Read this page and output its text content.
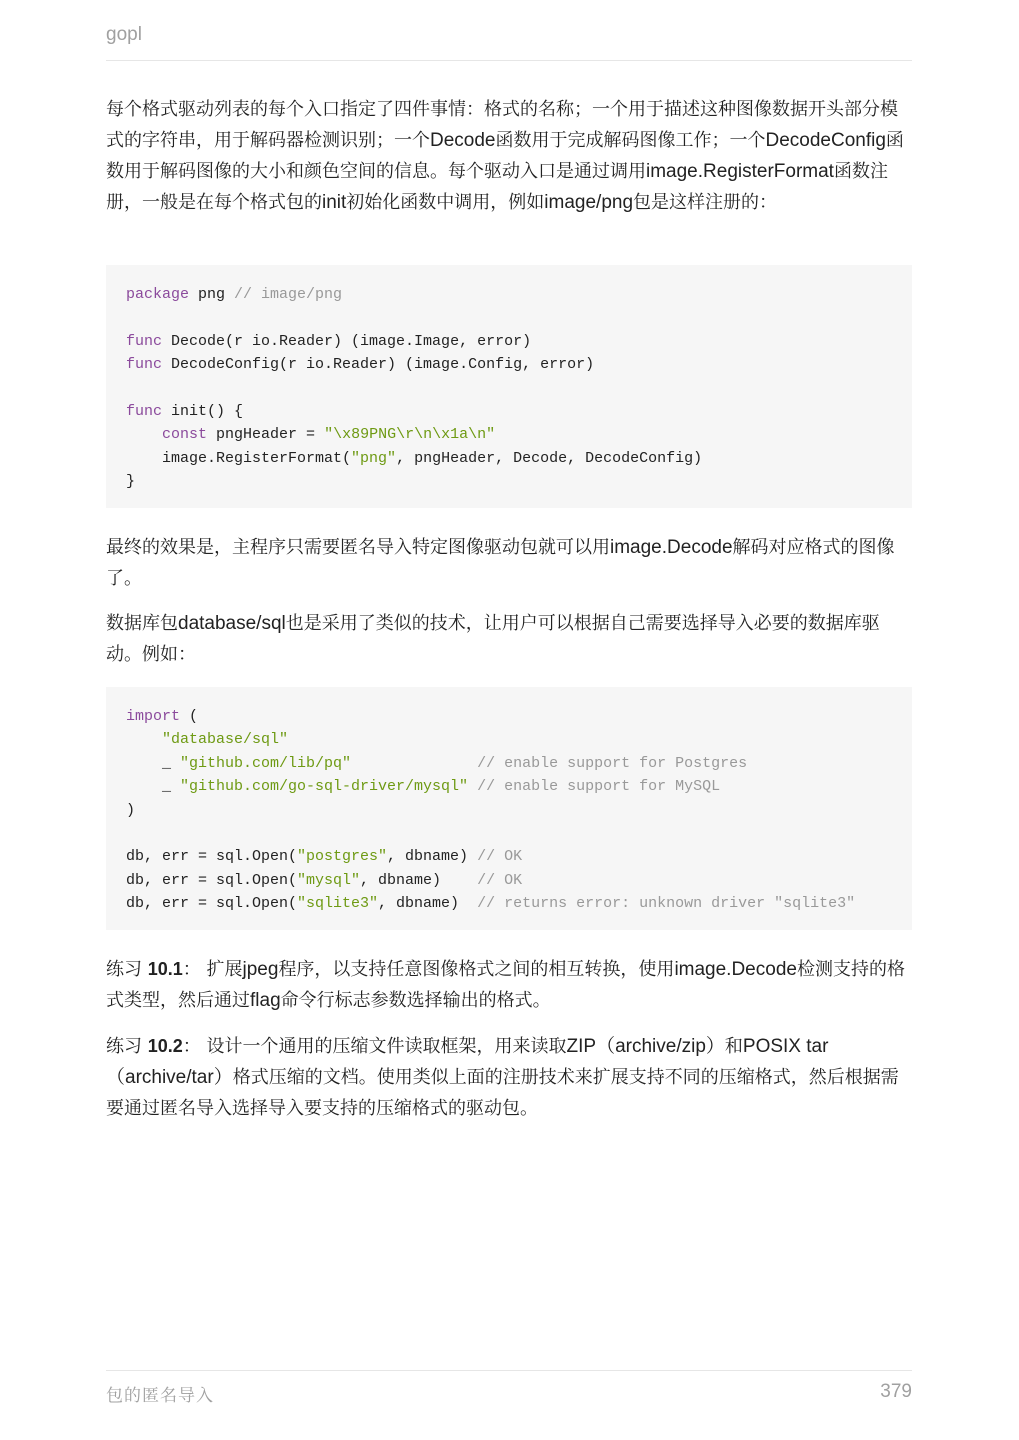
gopl

每个格式驱动列表的每个入口指定了四件事情：格式的名称；一个用于描述这种图像数据开头部分模式的字符串，用于解码器检测识别；一个Decode函数用于完成解码图像工作；一个DecodeConfig函数用于解码图像的大小和颜色空间的信息。每个驱动入口是通过调用image.RegisterFormat函数注册，一般是在每个格式包的init初始化函数中调用，例如image/png包是这样注册的：

package png // image/png

func Decode(r io.Reader) (image.Image, error)
func DecodeConfig(r io.Reader) (image.Config, error)

func init() {
const pngHeader = "\x89PNG\r\n\x1a\n"
image.RegisterFormat("png", pngHeader, Decode, DecodeConfig)
}

最终的效果是，主程序只需要匿名导入特定图像驱动包就可以用image.Decode解码对应格式的图像了。

数据库包database/sql也是采用了类似的技术，让用户可以根据自己需要选择导入必要的数据库驱动。例如：

import (
"database/sql"
_ "github.com/lib/pq"	// enable support for Postgres
_ "github.com/go-sql-driver/mysql" // enable support for MySQL
)

db, err = sql.Open("postgres", dbname) // OK
db, err = sql.Open("mysql", dbname)    // OK
db, err = sql.Open("sqlite3", dbname)  // returns error: unknown driver "sqlite3"

练习 10.1： 扩展jpeg程序，以支持任意图像格式之间的相互转换，使用image.Decode检测支持的格式类型，然后通过flag命令行标志参数选择输出的格式。

练习 10.2： 设计一个通用的压缩文件读取框架，用来读取ZIP（archive/zip）和POSIX tar（archive/tar）格式压缩的文档。使用类似上面的注册技术来扩展支持不同的压缩格式，然后根据需要通过匿名导入选择导入要支持的压缩格式的驱动包。

包的匿名导入	379
